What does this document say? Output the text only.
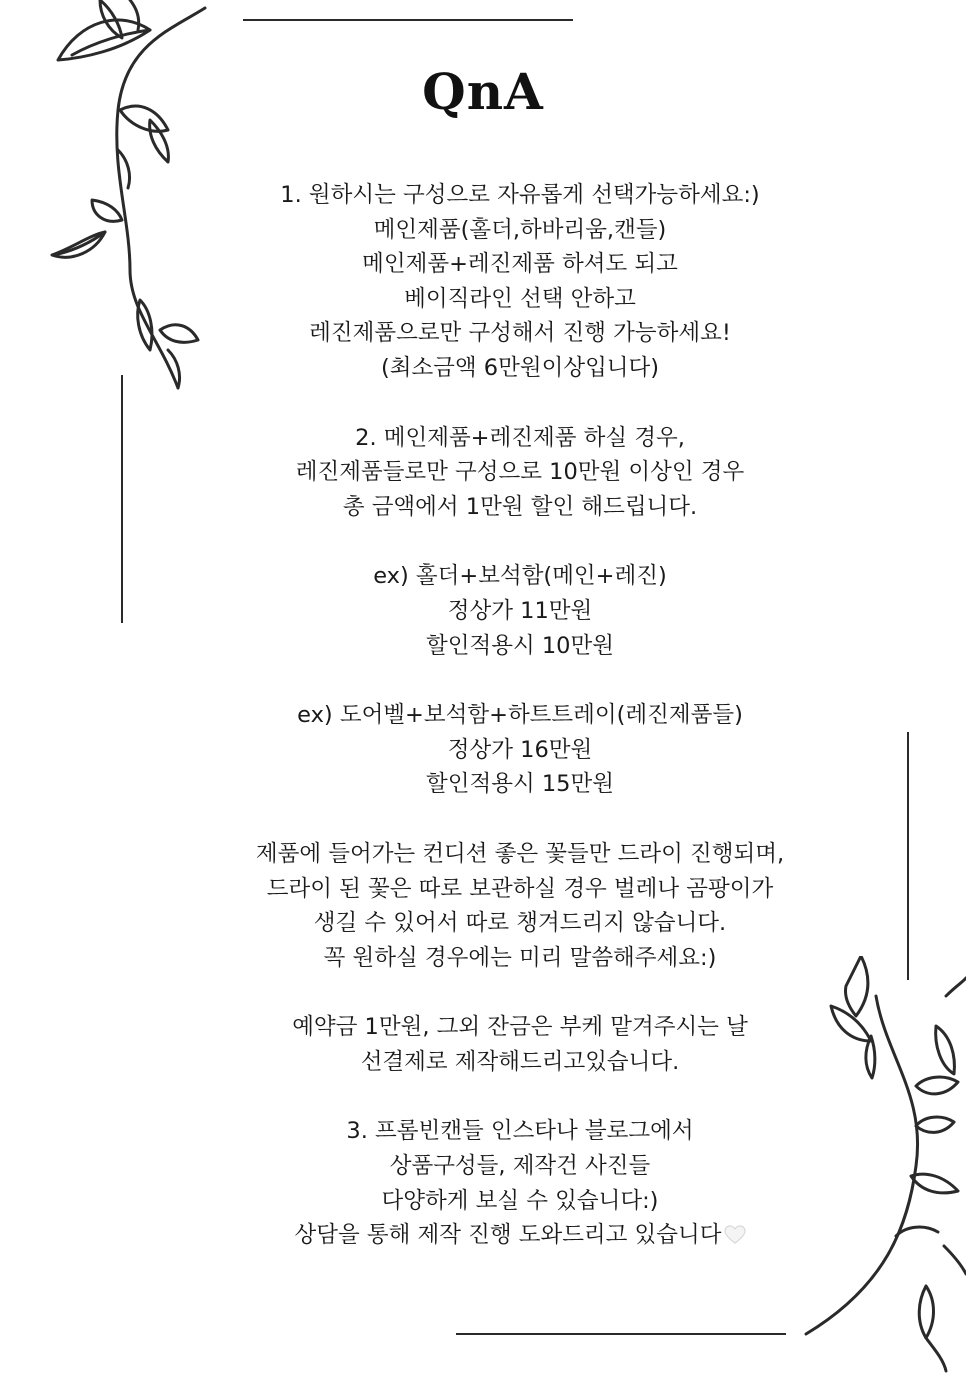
QnA
1. 원하시는 구성으로 자유롭게 선택가능하세요:)
메인제품(홀더,하바리움,캔들)
메인제품+레진제품 하셔도 되고
베이직라인 선택 안하고
레진제품으로만 구성해서 진행 가능하세요!
(최소금액 6만원이상입니다)
2. 메인제품+레진제품 하실 경우,
레진제품들로만 구성으로 10만원 이상인 경우
총 금액에서 1만원 할인 해드립니다.
ex) 홀더+보석함(메인+레진)
정상가 11만원
할인적용시 10만원
ex) 도어벨+보석함+하트트레이(레진제품들)
정상가 16만원
할인적용시 15만원
제품에 들어가는 컨디션 좋은 꽃들만 드라이 진행되며,
드라이 된 꽃은 따로 보관하실 경우 벌레나 곰팡이가
생길 수 있어서 따로 챙겨드리지 않습니다.
꼭 원하실 경우에는 미리 말씀해주세요:)
예약금 1만원, 그외 잔금은 부케 맡겨주시는 날
선결제로 제작해드리고있습니다.
3. 프롬빈캔들 인스타나 블로그에서
상품구성들, 제작건 사진들
다양하게 보실 수 있습니다:)
상담을 통해 제작 진행 도와드리고 있습니다
